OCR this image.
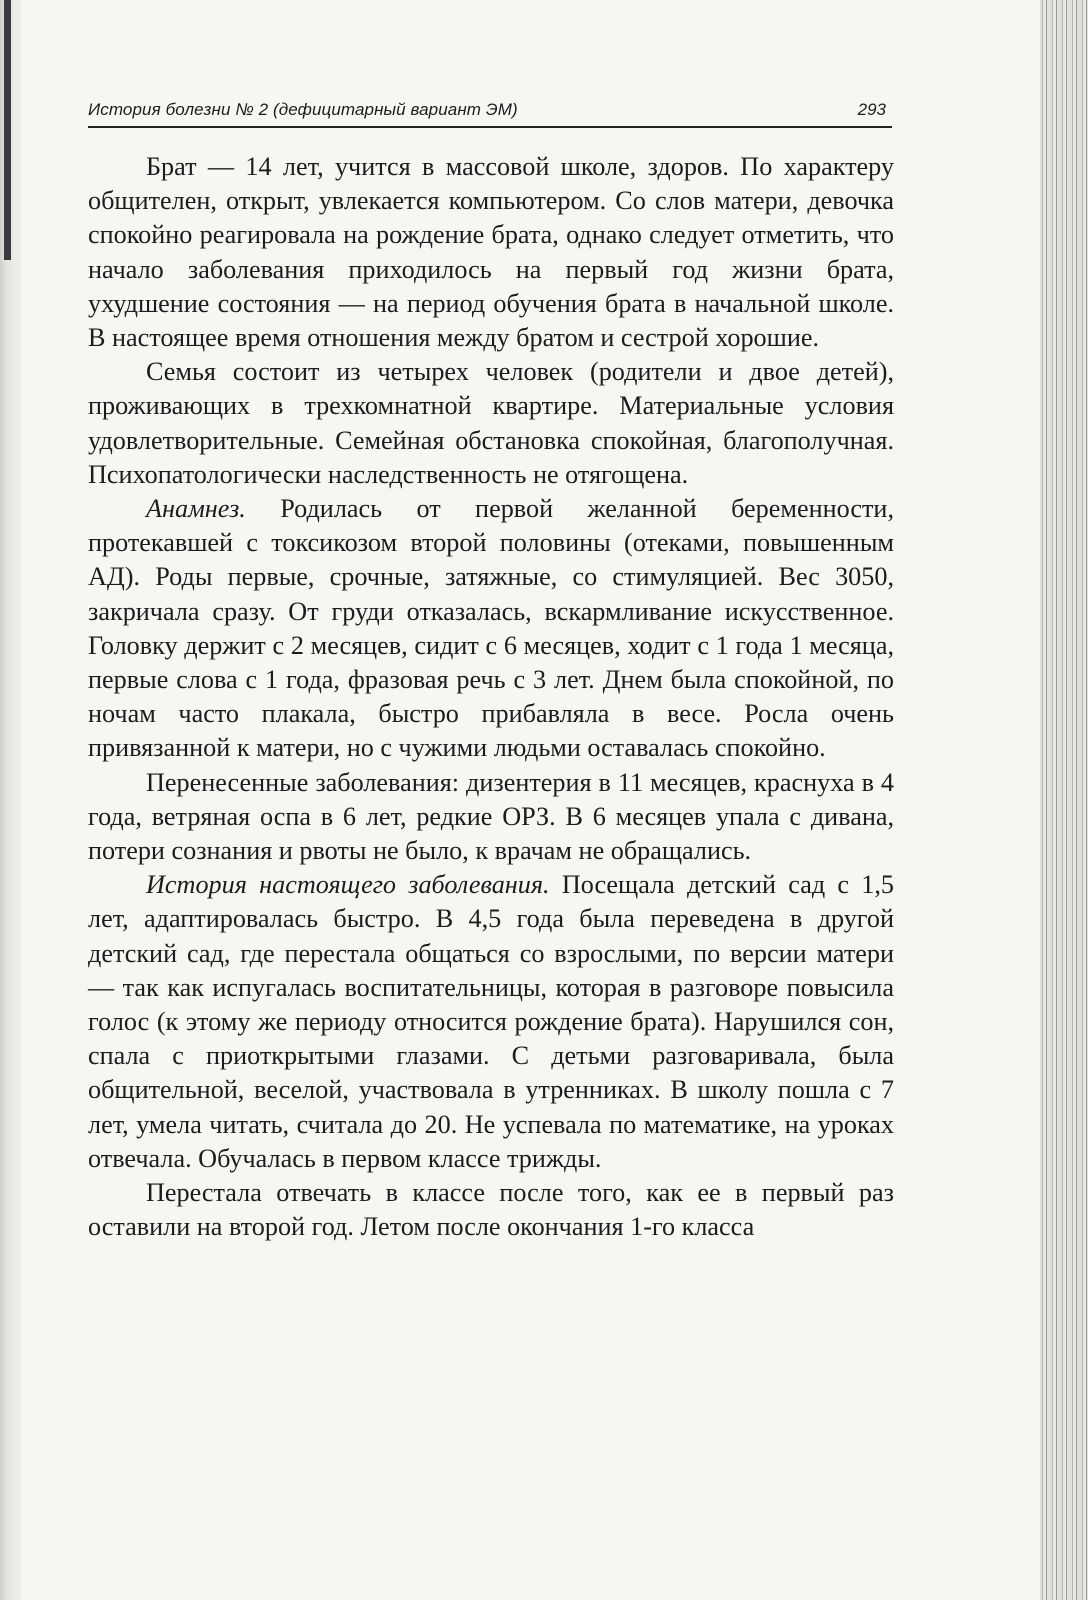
История болезни № 2 (дефицитарный вариант ЭМ)	293

Брат — 14 лет, учится в массовой школе, здоров. По характеру общителен, открыт, увлекается компьютером. Со слов матери, девочка спокойно реагировала на рождение брата, однако следует отметить, что начало заболевания приходилось на первый год жизни брата, ухудшение состояния — на период обучения брата в начальной школе. В настоящее время отношения между братом и сестрой хорошие.

Семья состоит из четырех человек (родители и двое детей), проживающих в трехкомнатной квартире. Материальные условия удовлетворительные. Семейная обстановка спокойная, благополучная. Психопатологически наследственность не отягощена.

Анамнез. Родилась от первой желанной беременности, протекавшей с токсикозом второй половины (отеками, повышенным АД). Роды первые, срочные, затяжные, со стимуляцией. Вес 3050, закричала сразу. От груди отказалась, вскармливание искусственное. Головку держит с 2 месяцев, сидит с 6 месяцев, ходит с 1 года 1 месяца, первые слова с 1 года, фразовая речь с 3 лет. Днем была спокойной, по ночам часто плакала, быстро прибавляла в весе. Росла очень привязанной к матери, но с чужими людьми оставалась спокойно.

Перенесенные заболевания: дизентерия в 11 месяцев, краснуха в 4 года, ветряная оспа в 6 лет, редкие ОРЗ. В 6 месяцев упала с дивана, потери сознания и рвоты не было, к врачам не обращались.

История настоящего заболевания. Посещала детский сад с 1,5 лет, адаптировалась быстро. В 4,5 года была переведена в другой детский сад, где перестала общаться со взрослыми, по версии матери — так как испугалась воспитательницы, которая в разговоре повысила голос (к этому же периоду относится рождение брата). Нарушился сон, спала с приоткрытыми глазами. С детьми разговаривала, была общительной, веселой, участвовала в утренниках. В школу пошла с 7 лет, умела читать, считала до 20. Не успевала по математике, на уроках отвечала. Обучалась в первом классе трижды.

Перестала отвечать в классе после того, как ее в первый раз оставили на второй год. Летом после окончания 1-го класса
